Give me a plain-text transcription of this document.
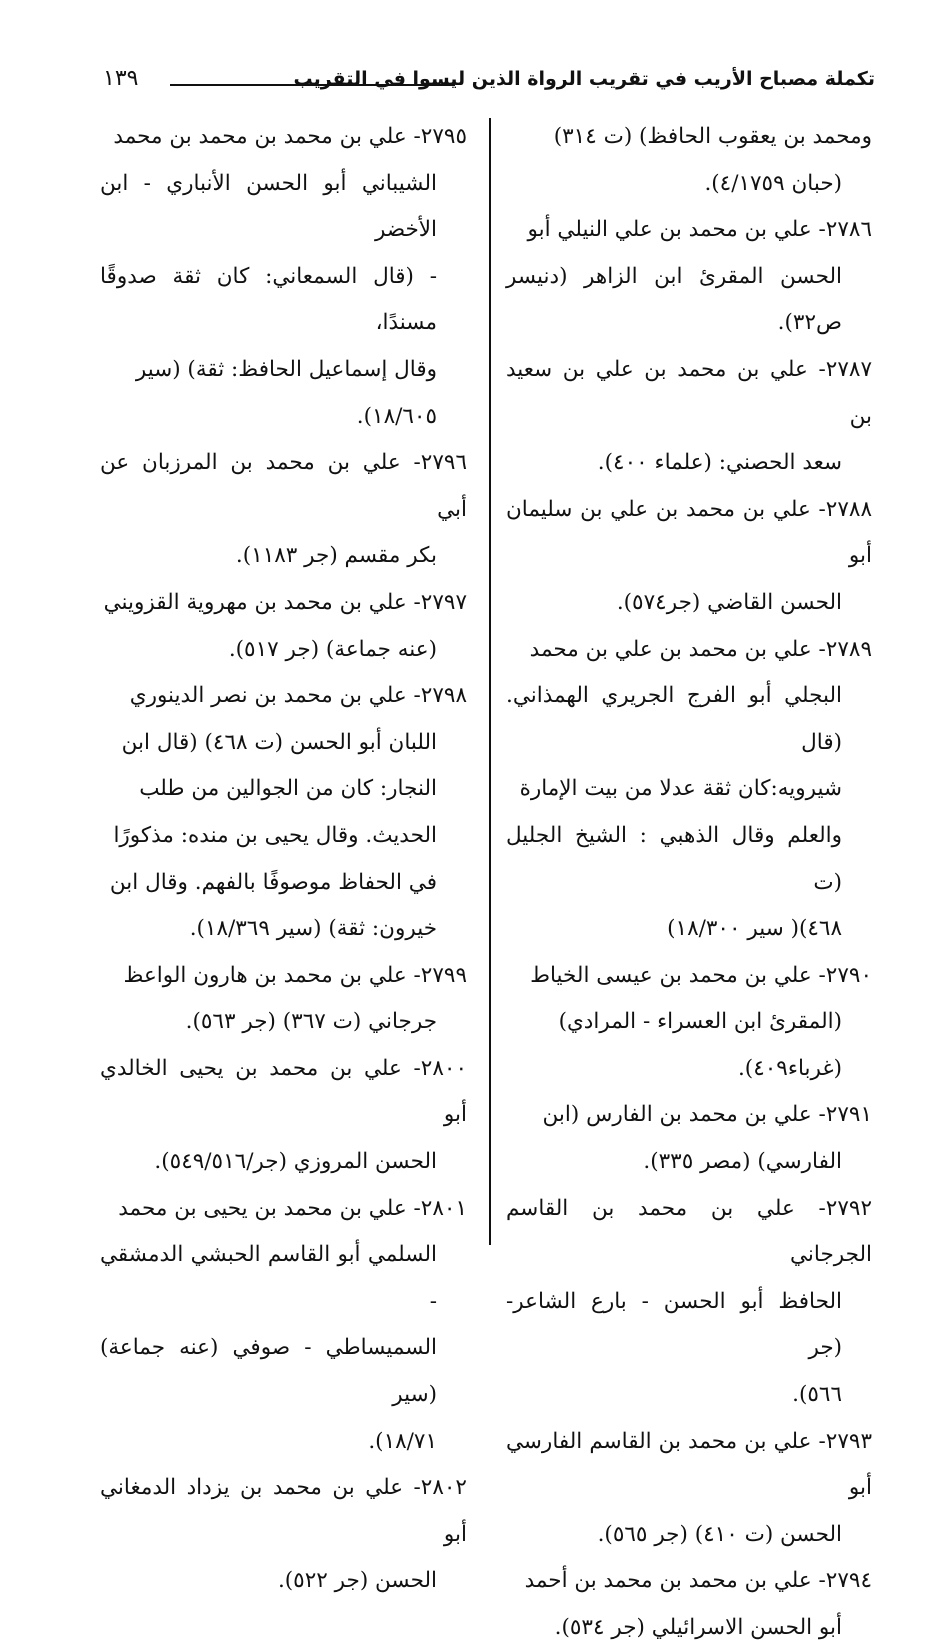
تكملة مصباح الأريب في تقريب الرواة الذين ليسوا في التقريب
١٣٩
ومحمد بن يعقوب الحافظ) (ت ٣١٤)
(حبان ٤/١٧٥٩).
٢٧٨٦- علي بن محمد بن علي النيلي أبو
الحسن المقرئ ابن الزاهر (دنيسر ص٣٢).
٢٧٨٧- علي بن محمد بن علي بن سعيد بن
سعد الحصني: (علماء ٤٠٠).
٢٧٨٨- علي بن محمد بن علي بن سليمان أبو
الحسن القاضي (جر٥٧٤).
٢٧٨٩- علي بن محمد بن علي بن محمد
البجلي أبو الفرج الجريري الهمذاني.(قال
شيرويه:كان ثقة عدلا من بيت الإمارة
والعلم وقال الذهبي : الشيخ الجليل (ت
٤٦٨)( سير ١٨/٣٠٠)
٢٧٩٠- علي بن محمد بن عيسى الخياط
(المقرئ ابن العسراء - المرادي)
(غرباء٤٠٩).
٢٧٩١- علي بن محمد بن الفارس (ابن
الفارسي) (مصر ٣٣٥).
٢٧٩٢- علي بن محمد بن القاسم الجرجاني
الحافظ أبو الحسن - بارع الشاعر- (جر
٥٦٦).
٢٧٩٣- علي بن محمد بن القاسم الفارسي أبو
الحسن (ت ٤١٠) (جر ٥٦٥).
٢٧٩٤- علي بن محمد بن محمد بن أحمد
أبو الحسن الاسرائيلي (جر ٥٣٤).
٢٧٩٥- علي بن محمد بن محمد بن محمد
الشيباني أبو الحسن الأنباري - ابن الأخضر
- (قال السمعاني: كان ثقة صدوقًا مسندًا،
وقال إسماعيل الحافظ: ثقة) (سير
١٨/٦٠٥).
٢٧٩٦- علي بن محمد بن المرزبان عن أبي
بكر مقسم (جر ١١٨٣).
٢٧٩٧- علي بن محمد بن مهروية القزويني
(عنه جماعة) (جر ٥١٧).
٢٧٩٨- علي بن محمد بن نصر الدينوري
اللبان أبو الحسن (ت ٤٦٨) (قال ابن
النجار: كان من الجوالين من طلب
الحديث. وقال يحيى بن منده: مذكورًا
في الحفاظ موصوفًا بالفهم. وقال ابن
خيرون: ثقة) (سير ١٨/٣٦٩).
٢٧٩٩- علي بن محمد بن هارون الواعظ
جرجاني (ت ٣٦٧) (جر ٥٦٣).
٢٨٠٠- علي بن محمد بن يحيى الخالدي أبو
الحسن المروزي (جر/٥٤٩/٥١٦).
٢٨٠١- علي بن محمد بن يحيى بن محمد
السلمي أبو القاسم الحبشي الدمشقي -
السميساطي - صوفي (عنه جماعة) (سير
١٨/٧١).
٢٨٠٢- علي بن محمد بن يزداد الدمغاني أبو
الحسن (جر ٥٢٢).
